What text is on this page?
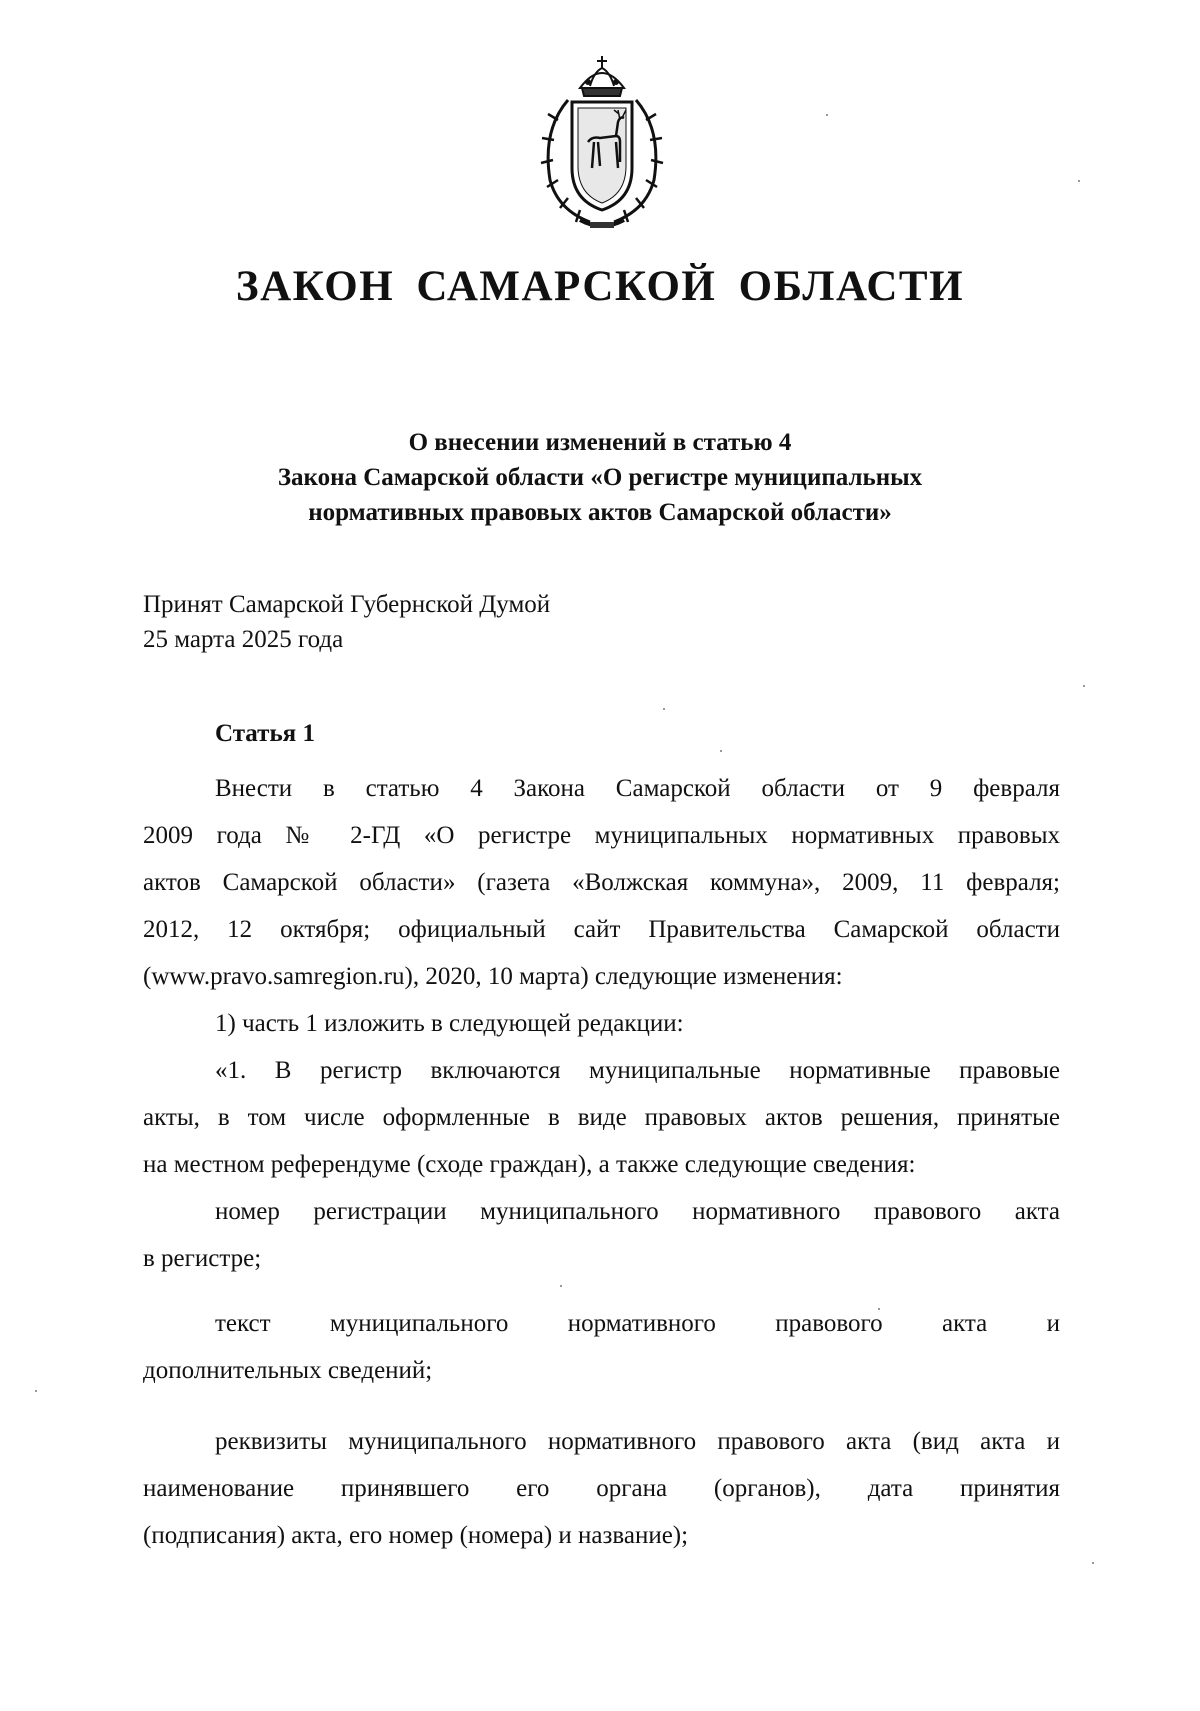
ЗАКОН САМАРСКОЙ ОБЛАСТИ
О внесении изменений в статью 4
Закона Самарской области «О регистре муниципальных
нормативных правовых актов Самарской области»
Принят Самарской Губернской Думой
25 марта 2025 года
Статья 1
Внести в статью 4 Закона Самарской области от 9 февраля
2009 года № 2-ГД «О регистре муниципальных нормативных правовых
актов Самарской области» (газета «Волжская коммуна», 2009, 11 февраля;
2012, 12 октября; официальный сайт Правительства Самарской области
(www.pravo.samregion.ru), 2020, 10 марта) следующие изменения:
1) часть 1 изложить в следующей редакции:
«1. В регистр включаются муниципальные нормативные правовые
акты, в том числе оформленные в виде правовых актов решения, принятые
на местном референдуме (сходе граждан), а также следующие сведения:
номер регистрации муниципального нормативного правового акта
в регистре;
текст муниципального нормативного правового акта и
дополнительных сведений;
реквизиты муниципального нормативного правового акта (вид акта и
наименование принявшего его органа (органов), дата принятия
(подписания) акта, его номер (номера) и название);
